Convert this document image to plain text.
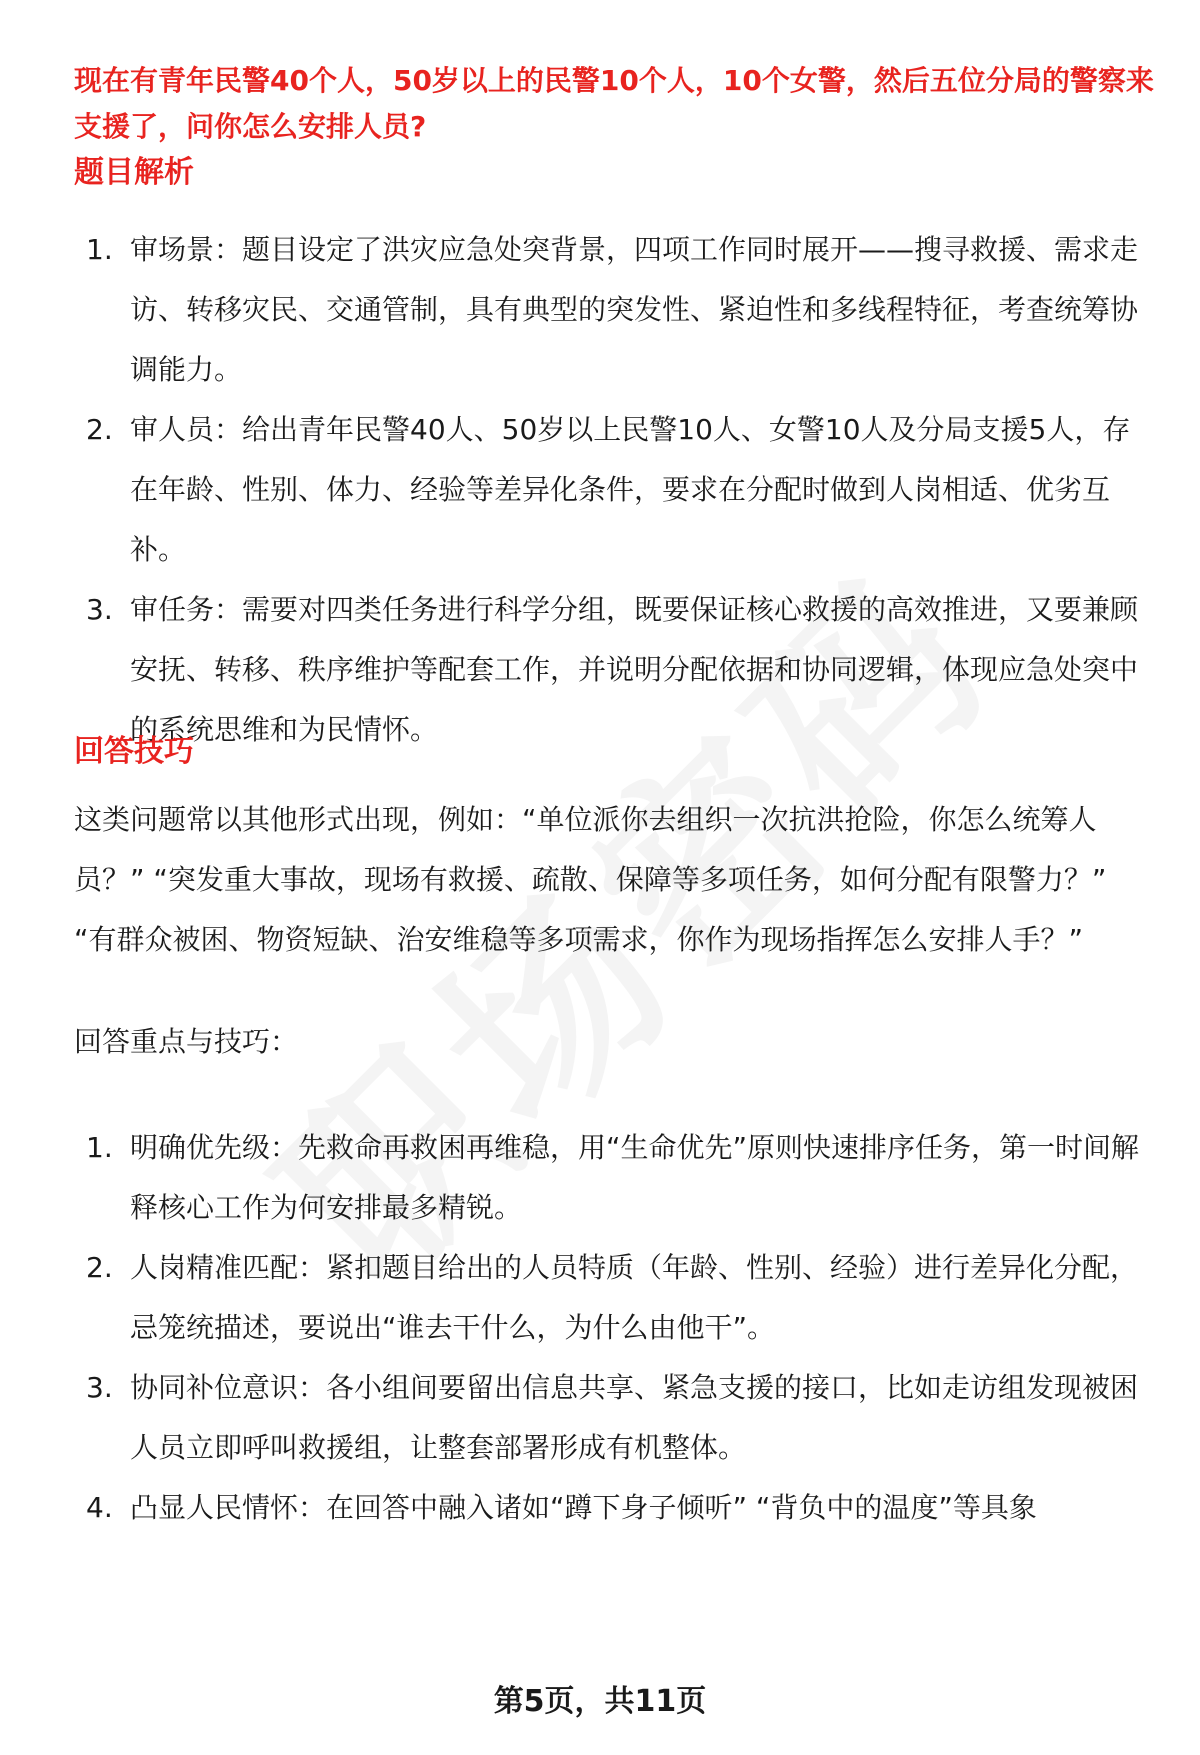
现在有青年民警40个人，50岁以上的民警10个人，10个女警，然后五位分局的警察来支援了，问你怎么安排人员?

题目解析
1. 审场景：题目设定了洪灾应急处突背景，四项工作同时展开——搜寻救援、需求走访、转移灾民、交通管制，具有典型的突发性、紧迫性和多线程特征，考查统筹协调能力。
2. 审人员：给出青年民警40人、50岁以上民警10人、女警10人及分局支援5人，存在年龄、性别、体力、经验等差异化条件，要求在分配时做到人岗相适、优劣互补。
3. 审任务：需要对四类任务进行科学分组，既要保证核心救援的高效推进，又要兼顾安抚、转移、秩序维护等配套工作，并说明分配依据和协同逻辑，体现应急处突中的系统思维和为民情怀。
回答技巧

这类问题常以其他形式出现，例如：“单位派你去组织一次抗洪抢险，你怎么统筹人员？” “突发重大事故，现场有救援、疏散、保障等多项任务，如何分配有限警力？” “有群众被困、物资短缺、治安维稳等多项需求，你作为现场指挥怎么安排人手？”

回答重点与技巧：

1. 明确优先级：先救命再救困再维稳，用“生命优先”原则快速排序任务，第一时间解释核心工作为何安排最多精锐。
2. 人岗精准匹配：紧扣题目给出的人员特质（年龄、性别、经验）进行差异化分配，忌笼统描述，要说出“谁去干什么，为什么由他干”。
3. 协同补位意识：各小组间要留出信息共享、紧急支援的接口，比如走访组发现被困人员立即呼叫救援组，让整套部署形成有机整体。
4. 凸显人民情怀：在回答中融入诸如“蹲下身子倾听” “背负中的温度”等具象
第5页，共11页
